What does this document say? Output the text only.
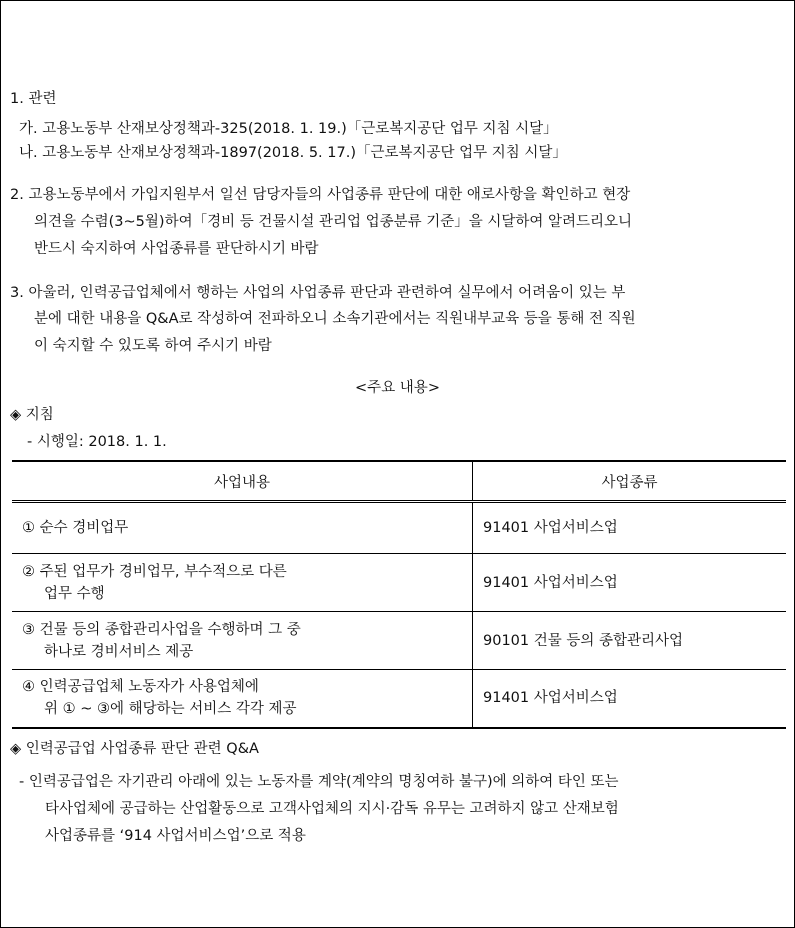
1. 관련
가. 고용노동부 산재보상정책과-325(2018. 1. 19.)「근로복지공단 업무 지침 시달」
나. 고용노동부 산재보상정책과-1897(2018. 5. 17.)「근로복지공단 업무 지침 시달」
2. 고용노동부에서 가입지원부서 일선 담당자들의 사업종류 판단에 대한 애로사항을 확인하고 현장
의견을 수렴(3~5월)하여「경비 등 건물시설 관리업 업종분류 기준」을 시달하여 알려드리오니
반드시 숙지하여 사업종류를 판단하시기 바람
3. 아울러, 인력공급업체에서 행하는 사업의 사업종류 판단과 관련하여 실무에서 어려움이 있는 부
분에 대한 내용을 Q&A로 작성하여 전파하오니 소속기관에서는 직원내부교육 등을 통해 전 직원
이 숙지할 수 있도록 하여 주시기 바람
<주요 내용>
◈ 지침
- 시행일: 2018. 1. 1.
사업내용	사업종류
① 순수 경비업무	91401 사업서비스업

② 주된 업무가 경비업무, 부수적으로 다른
업무 수행	91401 사업서비스업

③ 건물 등의 종합관리사업을 수행하며 그 중
하나로 경비서비스 제공	90101 건물 등의 종합관리사업

④ 인력공급업체 노동자가 사용업체에
위 ① ~ ③에 해당하는 서비스 각각 제공	91401 사업서비스업
◈ 인력공급업 사업종류 판단 관련 Q&A
- 인력공급업은 자기관리 아래에 있는 노동자를 계약(계약의 명칭여하 불구)에 의하여 타인 또는
타사업체에 공급하는 산업활동으로 고객사업체의 지시·감독 유무는 고려하지 않고 산재보험
사업종류를 ‘914 사업서비스업’으로 적용
